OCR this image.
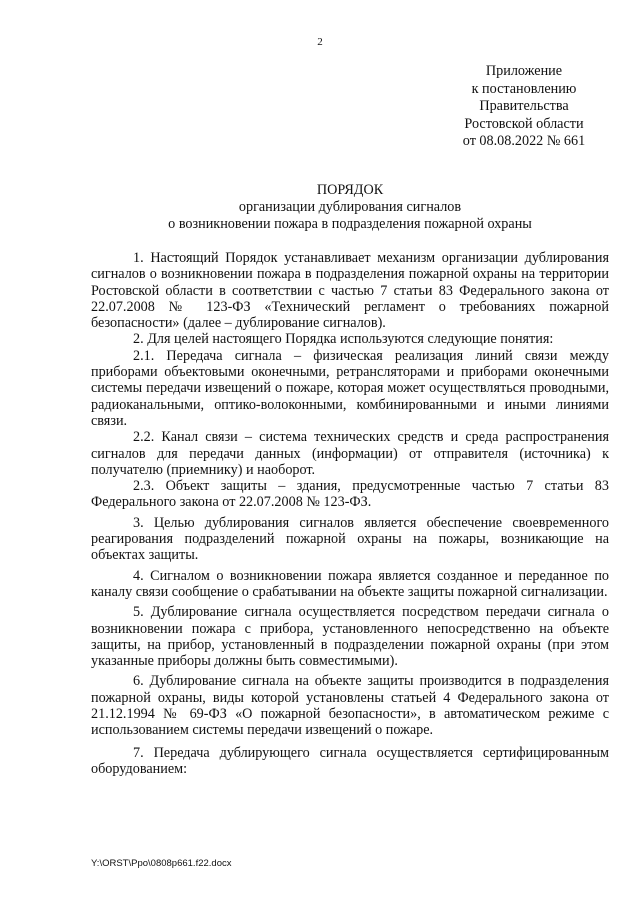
2
Приложение
к постановлению
Правительства
Ростовской области
от 08.08.2022 № 661
ПОРЯДОК
организации дублирования сигналов
о возникновении пожара в подразделения пожарной охраны
1. Настоящий Порядок устанавливает механизм организации дублирования сигналов о возникновении пожара в подразделения пожарной охраны на территории Ростовской области в соответствии с частью 7 статьи 83 Федерального закона от 22.07.2008 № 123-ФЗ «Технический регламент о требованиях пожарной безопасности» (далее – дублирование сигналов).
2. Для целей настоящего Порядка используются следующие понятия:
2.1. Передача сигнала – физическая реализация линий связи между приборами объектовыми оконечными, ретрансляторами и приборами оконечными системы передачи извещений о пожаре, которая может осуществляться проводными, радиоканальными, оптико-волоконными, комбинированными и иными линиями связи.
2.2. Канал связи – система технических средств и среда распространения сигналов для передачи данных (информации) от отправителя (источника) к получателю (приемнику) и наоборот.
2.3. Объект защиты – здания, предусмотренные частью 7 статьи 83 Федерального закона от 22.07.2008 № 123-ФЗ.
3. Целью дублирования сигналов является обеспечение своевременного реагирования подразделений пожарной охраны на пожары, возникающие на объектах защиты.
4. Сигналом о возникновении пожара является созданное и переданное по каналу связи сообщение о срабатывании на объекте защиты пожарной сигнализации.
5. Дублирование сигнала осуществляется посредством передачи сигнала о возникновении пожара с прибора, установленного непосредственно на объекте защиты, на прибор, установленный в подразделении пожарной охраны (при этом указанные приборы должны быть совместимыми).
6. Дублирование сигнала на объекте защиты производится в подразделения пожарной охраны, виды которой установлены статьей 4 Федерального закона от 21.12.1994 № 69-ФЗ «О пожарной безопасности», в автоматическом режиме с использованием системы передачи извещений о пожаре.
7. Передача дублирующего сигнала осуществляется сертифицированным оборудованием:
Y:\ORST\Ppo\0808p661.f22.docx
